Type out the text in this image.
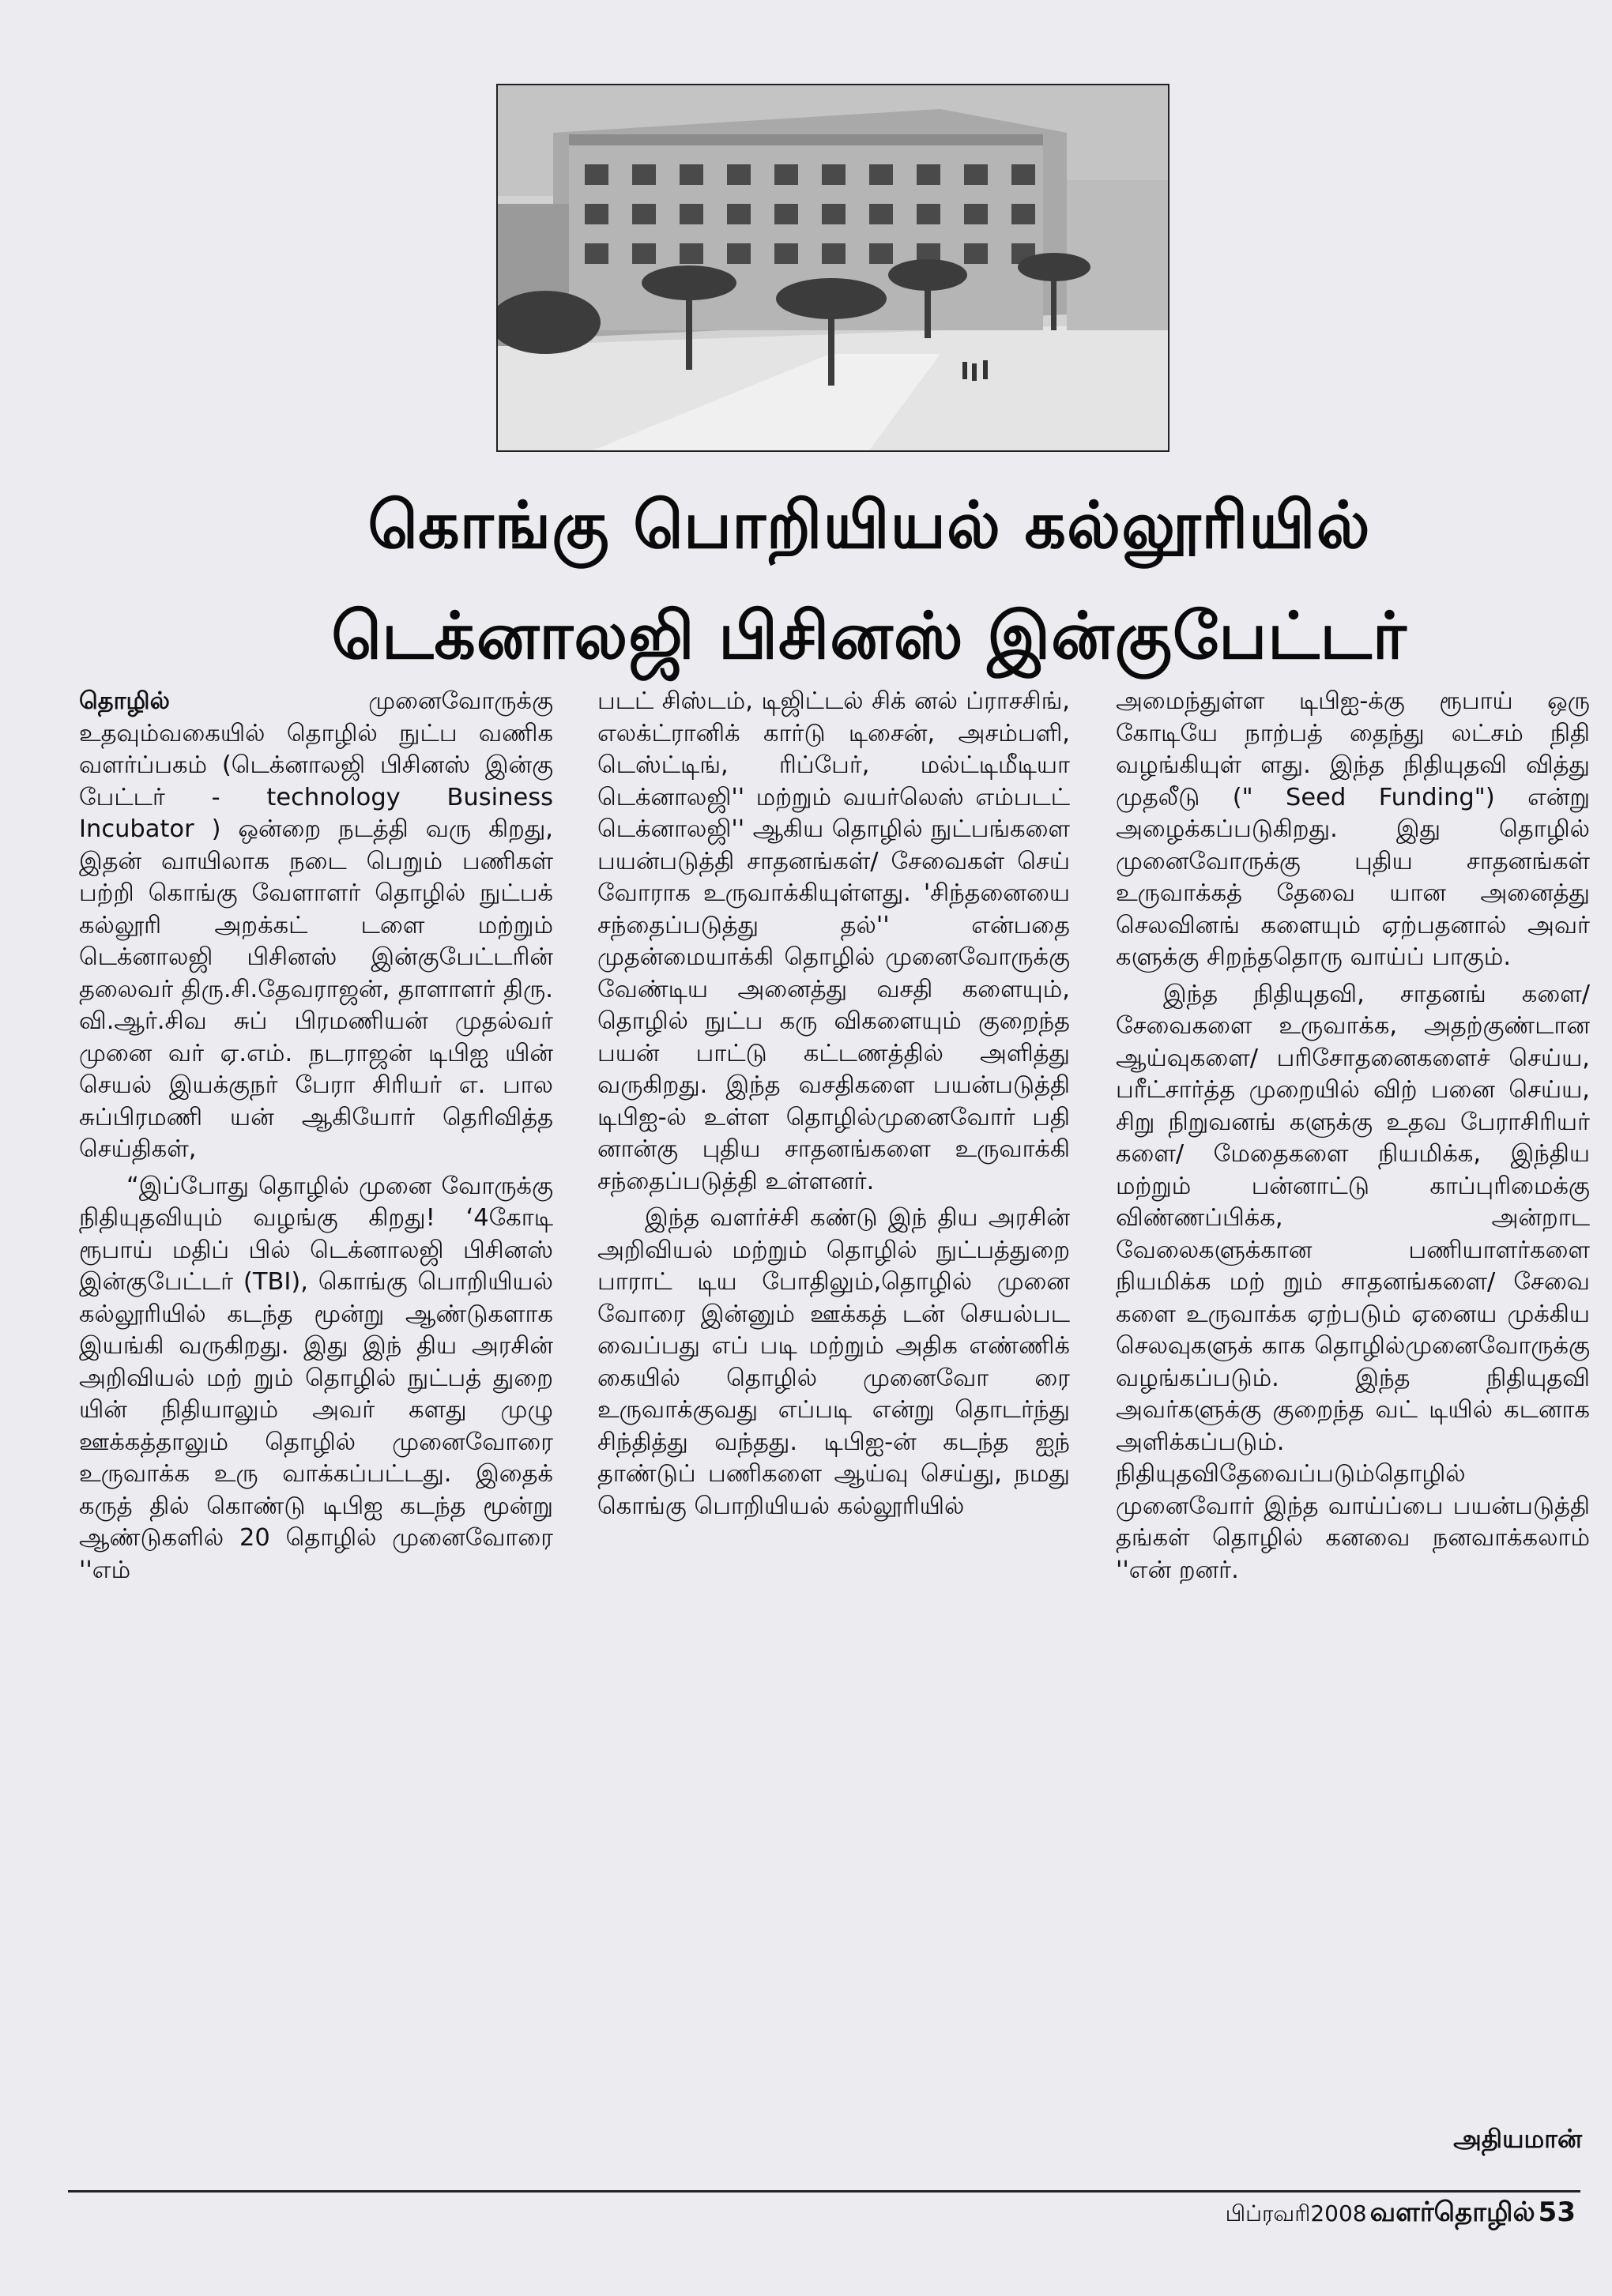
கொங்கு பொறியியல் கல்லூரியில்
டெக்னாலஜி பிசினஸ் இன்குபேட்டர்

தொழில் முனைவோருக்கு உதவும்வகையில் தொழில் நுட்ப வணிக வளர்ப்பகம் (டெக்னாலஜி பிசினஸ் இன்கு பேட்டர் - technology Business Incubator ) ஒன்றை நடத்தி வரு கிறது, இதன் வாயிலாக நடை பெறும் பணிகள் பற்றி கொங்கு வேளாளர் தொழில் நுட்பக் கல்லூரி அறக்கட் டளை மற்றும் டெக்னாலஜி பிசினஸ் இன்குபேட்டரின் தலைவர் திரு.சி.தேவராஜன், தாளாளர் திரு. வி.ஆர்.சிவ சுப் பிரமணியன் முதல்வர் முனை வர் ஏ.எம். நடராஜன் டிபிஐ யின் செயல் இயக்குநர் பேரா சிரியர் எ. பால சுப்பிரமணி யன் ஆகியோர் தெரிவித்த செய்திகள்,

“இப்போது தொழில் முனை வோருக்கு நிதியுதவியும் வழங்கு கிறது! ‘4கோடி ரூபாய் மதிப் பில் டெக்னாலஜி பிசினஸ் இன்குபேட்டர் (TBI), கொங்கு பொறியியல் கல்லூரியில் கடந்த மூன்று ஆண்டுகளாக இயங்கி வருகிறது. இது இந் திய அரசின் அறிவியல் மற் றும் தொழில் நுட்பத் துறை யின் நிதியாலும் அவர் களது முழு ஊக்கத்தாலும் தொழில் முனைவோரை உருவாக்க உரு வாக்கப்பட்டது. இதைக் கருத் தில் கொண்டு டிபிஐ கடந்த மூன்று ஆண்டுகளில் 20 தொழில் முனைவோரை ''எம்

படட் சிஸ்டம், டிஜிட்டல் சிக் னல் ப்ராசசிங், எலக்ட்ரானிக் கார்டு டிசைன், அசம்பளி, டெஸ்ட்டிங், ரிப்பேர், மல்ட்டிமீடியா டெக்னாலஜி'' மற்றும் வயர்லெஸ் எம்படட் டெக்னாலஜி'' ஆகிய தொழில் நுட்பங்களை பயன்படுத்தி சாதனங்கள்/ சேவைகள் செய் வோராக உருவாக்கியுள்ளது. 'சிந்தனையை சந்தைப்படுத்து தல்'' என்பதை முதன்மையாக்கி தொழில் முனைவோருக்கு வேண்டிய அனைத்து வசதி களையும், தொழில் நுட்ப கரு விகளையும் குறைந்த பயன் பாட்டு கட்டணத்தில் அளித்து வருகிறது. இந்த வசதிகளை பயன்படுத்தி டிபிஐ-ல் உள்ள தொழில்முனைவோர் பதி னான்கு புதிய சாதனங்களை உருவாக்கி சந்தைப்படுத்தி உள்ளனர்.

இந்த வளர்ச்சி கண்டு இந் திய அரசின் அறிவியல் மற்றும் தொழில் நுட்பத்துறை பாராட் டிய போதிலும்,தொழில் முனை வோரை இன்னும் ஊக்கத் டன் செயல்பட வைப்பது எப் படி மற்றும் அதிக எண்ணிக் கையில் தொழில் முனைவோ ரை உருவாக்குவது எப்படி என்று தொடர்ந்து சிந்தித்து வந்தது. டிபிஐ-ன் கடந்த ஐந் தாண்டுப் பணிகளை ஆய்வு செய்து, நமது கொங்கு பொறியியல் கல்லூரியில்

அமைந்துள்ள டிபிஐ-க்கு ரூபாய் ஒரு கோடியே நாற்பத் தைந்து லட்சம் நிதி வழங்கியுள் ளது. இந்த நிதியுதவி வித்து முதலீடு (" Seed Funding") என்று அழைக்கப்படுகிறது. இது தொழில் முனைவோருக்கு புதிய சாதனங்கள் உருவாக்கத் தேவை யான அனைத்து செலவினங் களையும் ஏற்பதனால் அவர் களுக்கு சிறந்ததொரு வாய்ப் பாகும்.

இந்த நிதியுதவி, சாதனங் களை/ சேவைகளை உருவாக்க, அதற்குண்டான ஆய்வுகளை/ பரிசோதனைகளைச் செய்ய, பரீட்சார்த்த முறையில் விற் பனை செய்ய, சிறு நிறுவனங் களுக்கு உதவ பேராசிரியர் களை/ மேதைகளை நியமிக்க, இந்திய மற்றும் பன்னாட்டு காப்புரிமைக்கு விண்ணப்பிக்க, அன்றாட வேலைகளுக்கான பணியாளர்களை நியமிக்க மற் றும் சாதனங்களை/ சேவை களை உருவாக்க ஏற்படும் ஏனைய முக்கிய செலவுகளுக் காக தொழில்முனைவோருக்கு வழங்கப்படும். இந்த நிதியுதவி அவர்களுக்கு குறைந்த வட் டியில் கடனாக அளிக்கப்படும். நிதியுதவிதேவைப்படும்தொழில் முனைவோர் இந்த வாய்ப்பை பயன்படுத்தி தங்கள் தொழில் கனவை நனவாக்கலாம் ''என் றனர்.

அதியமான்
பிப்ரவரி2008 வளர்தொழில் 53
